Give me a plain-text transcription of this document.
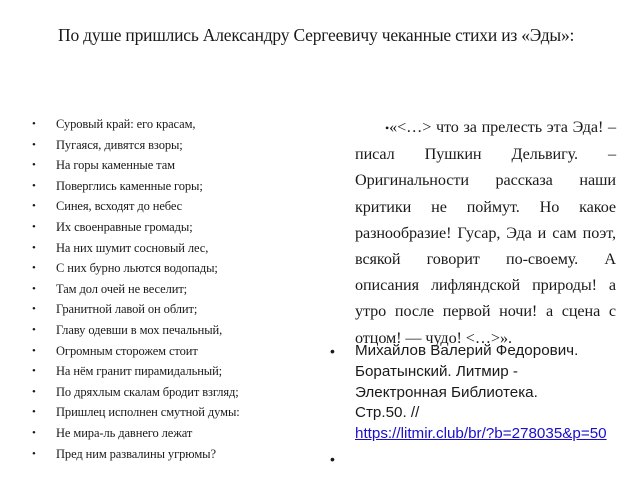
По душе пришлись Александру Сергеевичу чеканные стихи из «Эды»:

• Суровый край: его красам,
• Пугаяся, дивятся взоры;
• На горы каменные там
• Поверглись каменные горы;
• Синея, всходят до небес
• Их своенравные громады;
• На них шумит сосновый лес,
• С них бурно льются водопады;
• Там дол очей не веселит;
• Гранитной лавой он облит;
• Главу одевши в мох печальный,
• Огромным сторожем стоит
• На нём гранит пирамидальный;
• По дряхлым скалам бродит взгляд;
• Пришлец исполнен смутной думы:
• Не мира-ль давнего лежат
• Пред ним развалины угрюмы?

•«<…> что за прелесть эта Эда! – писал Пушкин Дельвигу. – Оригинальности рассказа наши критики не поймут. Но какое разнообразие! Гусар, Эда и сам поэт, всякой говорит по-своему. А описания лифляндской природы! а утро после первой ночи! а сцена с отцом! — чудо! <…>».

• Михайлов Валерий Федорович.
Боратынский. Литмир -
Электронная Библиотека.
Стр.50. //
https://litmir.club/br/?b=278035&p=50
•
